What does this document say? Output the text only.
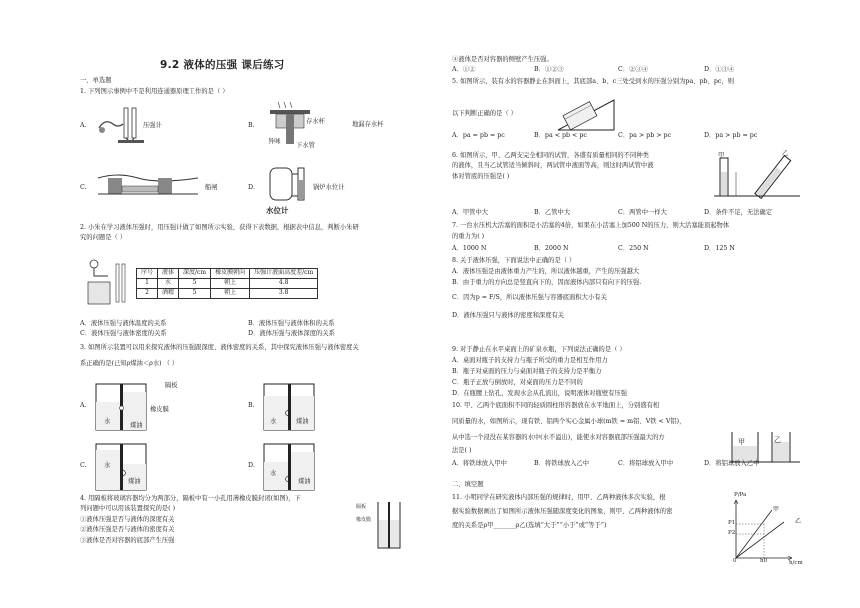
9.2 液体的压强 课后练习
一、单选题
1. 下列图示事例中不是利用连通器原理工作的是（ ）
A.	压强计	B.
存水杯	地漏存水杯
异味
下水管
C.	船闸	D.	锅炉水位计
水位计
2. 小朱在学习液体压强时，用压强计做了如图所示实验，获得下表数据，根据表中信息，判断小朱研
究的问题是（ ）
序号	液体	深度/cm	橡皮膜朝向	压强计液面高度差/cm
1	水	5	朝上	4.8
2	酒精	5	朝上	3.8
A．液体压强与液体温度的关系	B．液体压强与液体体积的关系
C．液体压强与液体密度的关系	D．液体压强与液体深度的关系
3. 如图所示装置可以用来探究液体的压强跟深度、液体密度的关系，其中探究液体压强与液体密度关
系正确的是(已知ρ煤油＜ρ水) （ ）
A.
隔板
橡皮膜
水
煤油
B.
水	煤油
C.	水
煤油
D.
水
煤油
4. 用隔板将玻璃容器均分为两部分，隔板中有一小孔用薄橡皮膜封闭(如图)，下
列问题中可以用该装置探究的是( )
①液体压强是否与液体的深度有关
②液体压强是否与液体的密度有关
③液体是否对容器的底部产生压强
隔板
橡皮膜
④液体是否对容器的侧壁产生压强。
A．①②	B．①②③	C．②③④	D．①③④
5. 如图所示，装有水的容器静止在斜面上，其底部a、b、c三处受到水的压强分别为pa、pb、pc，则
以下判断正确的是（ ）
A．pa = pb = pc	B．pa < pb < pc	C．pa > pb > pc	D．pa > pb = pc
6. 如图所示，甲、乙两支完全相同的试管，各盛有质量相同的不同种类
的液体，且当乙试管适当倾斜时，两试管中液面等高，则这时两试管中液
体对管底的压强是( )
甲	乙
A．甲管中大	B．乙管中大	C．两管中一样大	D．条件不足，无法确定
7. 一台水压机大活塞的面积是小活塞的4倍，如果在小活塞上加500 N的压力，则大活塞能顶起物体
的重力为( )
A．1000 N	B．2000 N	C．250 N	D．125 N
8. 关于液体压强，下面说法中正确的是（ ）
A．液体压强是由液体重力产生的，所以液体越重，产生的压强越大
B．由于重力的方向总是竖直向下的，因而液体内部只有向下的压强.
C．因为p = F/S，所以液体压强与容器底面积大小有关
D．液体压强只与液体的密度和深度有关
9. 对于静止在水平桌面上的矿泉水瓶，下列说法正确的是（ ）
A．桌面对瓶子的支持力与瓶子所受的重力是相互作用力
B．瓶子对桌面的压力与桌面对瓶子的支持力是平衡力
C．瓶子正放与倒放时，对桌面的压力是不同的
D．在瓶腰上钻孔，发现水会从孔流出，说明液体对瓶壁有压强
10. 甲、乙两个底面积不同的轻质圆柱形容器放在水平地面上，分别盛有相
同质量的水，如图所示，现有铁、铝两个实心金属小球(m铁 = m铝、V铁 < V铝)，
从中选一个浸没在某容器的水中(水不溢出)，能使水对容器底部压强最大的方
法是( )
甲	乙
A．将铁球放入甲中	B．将铁球放入乙中	C．将铝球放入甲中	D．将铝球放入乙中
二、填空题
11. 小明同学在研究液体内部压强的规律时，用甲、乙两种液体多次实验，根
据实验数据画出了如图所示液体压强随深度变化的图象，则甲、乙两种液体的密
度的关系是ρ甲_______ρ乙(选填“大于”“小于”或“等于”)
P/Pa
h/cm
P1
P2
h0
0
甲
乙
